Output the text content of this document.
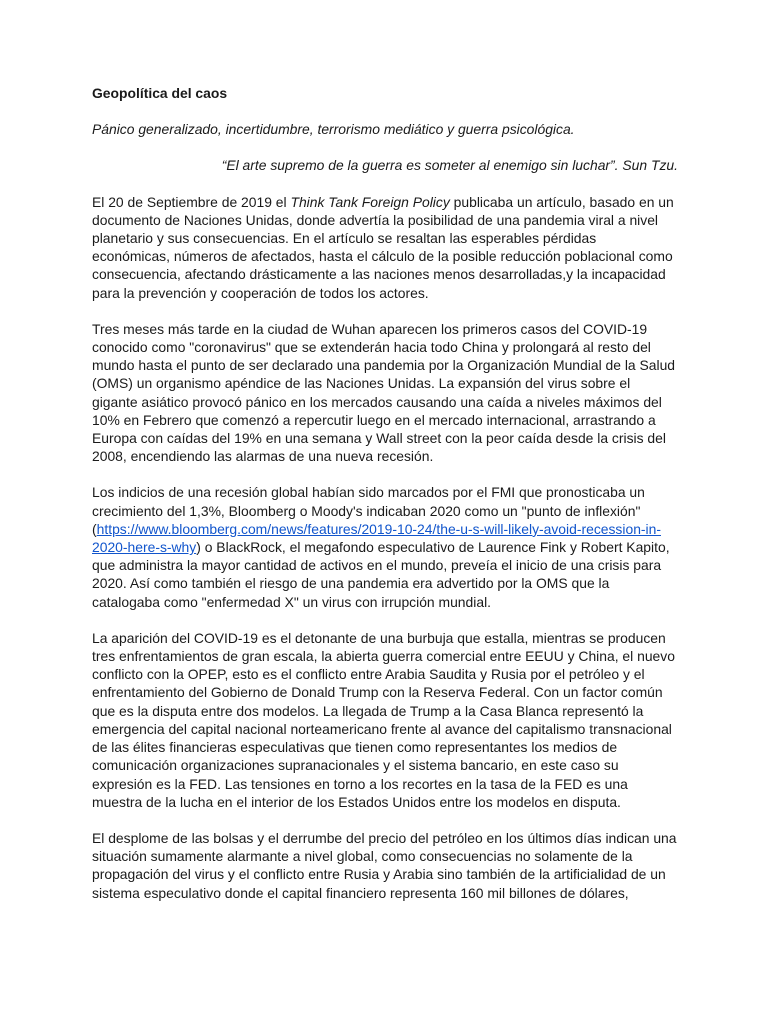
Geopolítica del caos

Pánico generalizado, incertidumbre, terrorismo mediático y guerra psicológica.

“El arte supremo de la guerra es someter al enemigo sin luchar”. Sun Tzu.

El 20 de Septiembre de 2019 el Think Tank Foreign Policy publicaba un artículo, basado en un documento de Naciones Unidas, donde advertía la posibilidad de una pandemia viral a nivel planetario y sus consecuencias. En el artículo se resaltan las esperables pérdidas económicas, números de afectados, hasta el cálculo de la posible reducción poblacional como consecuencia, afectando drásticamente a las naciones menos desarrolladas,y la incapacidad para la prevención y cooperación de todos los actores.

Tres meses más tarde en la ciudad de Wuhan aparecen los primeros casos del COVID-19 conocido como "coronavirus" que se extenderán hacia todo China y prolongará al resto del mundo hasta el punto de ser declarado una pandemia por la Organización Mundial de la Salud (OMS) un organismo apéndice de las Naciones Unidas. La expansión del virus sobre el gigante asiático provocó pánico en los mercados causando una caída a niveles máximos del 10% en Febrero que comenzó a repercutir luego en el mercado internacional, arrastrando a Europa con caídas del 19% en una semana y Wall street con la peor caída desde la crisis del 2008, encendiendo las alarmas de una nueva recesión.

Los indicios de una recesión global habían sido marcados por el FMI que pronosticaba un crecimiento del 1,3%, Bloomberg o Moody's indicaban 2020 como un "punto de inflexión" (https://www.bloomberg.com/news/features/2019-10-24/the-u-s-will-likely-avoid-recession-in-2020-here-s-why) o BlackRock, el megafondo especulativo de Laurence Fink y Robert Kapito, que administra la mayor cantidad de activos en el mundo, preveía el inicio de una crisis para 2020. Así como también el riesgo de una pandemia era advertido por la OMS que la catalogaba como "enfermedad X" un virus con irrupción mundial.

La aparición del COVID-19 es el detonante de una burbuja que estalla, mientras se producen tres enfrentamientos de gran escala, la abierta guerra comercial entre EEUU y China, el nuevo conflicto con la OPEP, esto es el conflicto entre Arabia Saudita y Rusia por el petróleo y el enfrentamiento del Gobierno de Donald Trump con la Reserva Federal. Con un factor común que es la disputa entre dos modelos. La llegada de Trump a la Casa Blanca representó la emergencia del capital nacional norteamericano frente al avance del capitalismo transnacional de las élites financieras especulativas que tienen como representantes los medios de comunicación organizaciones supranacionales y el sistema bancario, en este caso su expresión es la FED. Las tensiones en torno a los recortes en la tasa de la FED es una muestra de la lucha en el interior de los Estados Unidos entre los modelos en disputa.

El desplome de las bolsas y el derrumbe del precio del petróleo en los últimos días indican una situación sumamente alarmante a nivel global, como consecuencias no solamente de la propagación del virus y el conflicto entre Rusia y Arabia sino también de la artificialidad de un sistema especulativo donde el capital financiero representa 160 mil billones de dólares,
